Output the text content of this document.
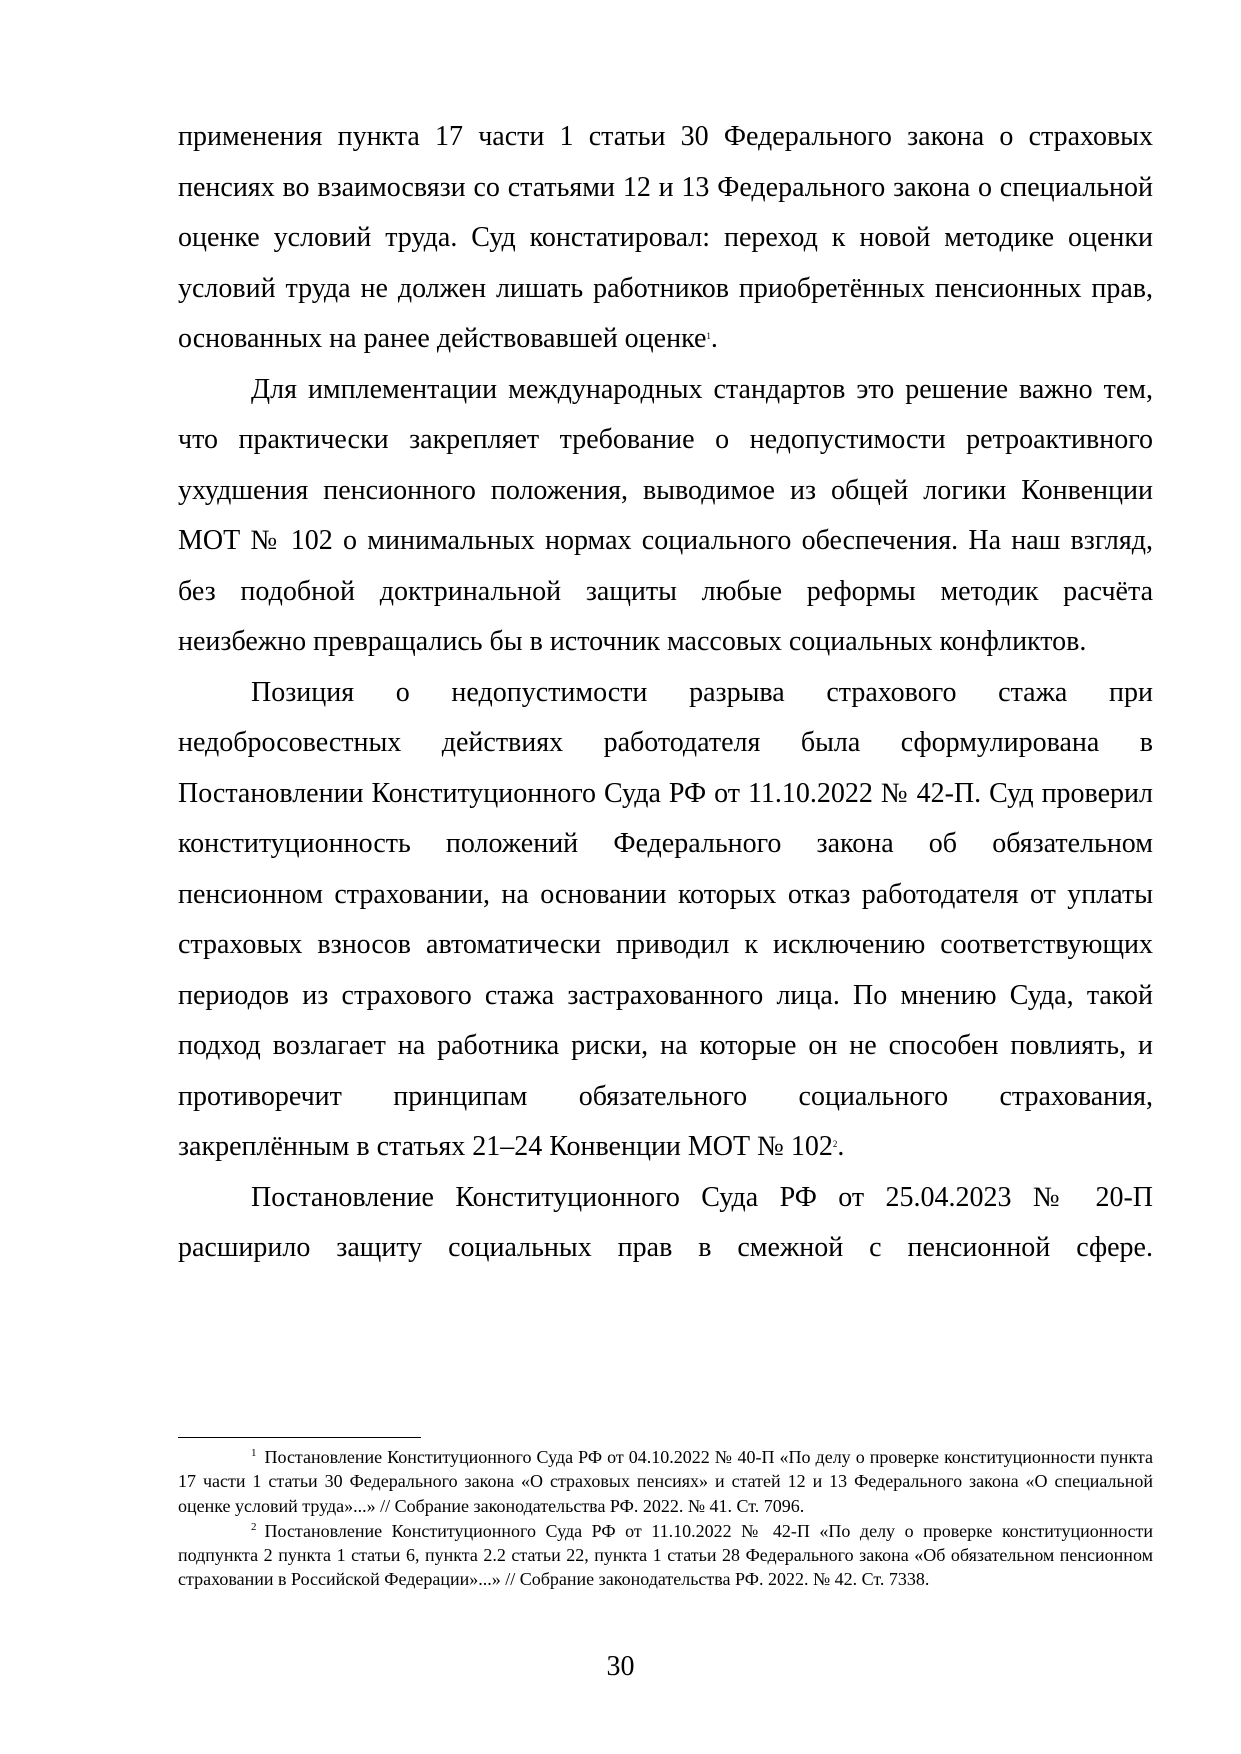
применения пункта 17 части 1 статьи 30 Федерального закона о страховых пенсиях во взаимосвязи со статьями 12 и 13 Федерального закона о специальной оценке условий труда. Суд констатировал: переход к новой методике оценки условий труда не должен лишать работников приобретённых пенсионных прав, основанных на ранее действовавшей оценке$^1$.

Для имплементации международных стандартов это решение важно тем, что практически закрепляет требование о недопустимости ретроактивного ухудшения пенсионного положения, выводимое из общей логики Конвенции МОТ № 102 о минимальных нормах социального обеспечения. На наш взгляд, без подобной доктринальной защиты любые реформы методик расчёта неизбежно превращались бы в источник массовых социальных конфликтов.

Позиция о недопустимости разрыва страхового стажа при недобросовестных действиях работодателя была сформулирована в Постановлении Конституционного Суда РФ от 11.10.2022 № 42-П. Суд проверил конституционность положений Федерального закона об обязательном пенсионном страховании, на основании которых отказ работодателя от уплаты страховых взносов автоматически приводил к исключению соответствующих периодов из страхового стажа застрахованного лица. По мнению Суда, такой подход возлагает на работника риски, на которые он не способен повлиять, и противоречит принципам обязательного социального страхования, закреплённым в статьях 21–24 Конвенции МОТ № 102$^2$.

Постановление Конституционного Суда РФ от 25.04.2023 № 20-П расширило защиту социальных прав в смежной с пенсионной сфере.

$^1$ Постановление Конституционного Суда РФ от 04.10.2022 № 40-П «По делу о проверке конституционности пункта 17 части 1 статьи 30 Федерального закона «О страховых пенсиях» и статей 12 и 13 Федерального закона «О специальной оценке условий труда»...» // Собрание законодательства РФ. 2022. № 41. Ст. 7096.

$^2$ Постановление Конституционного Суда РФ от 11.10.2022 № 42-П «По делу о проверке конституционности подпункта 2 пункта 1 статьи 6, пункта 2.2 статьи 22, пункта 1 статьи 28 Федерального закона «Об обязательном пенсионном страховании в Российской Федерации»...» // Собрание законодательства РФ. 2022. № 42. Ст. 7338.

30
